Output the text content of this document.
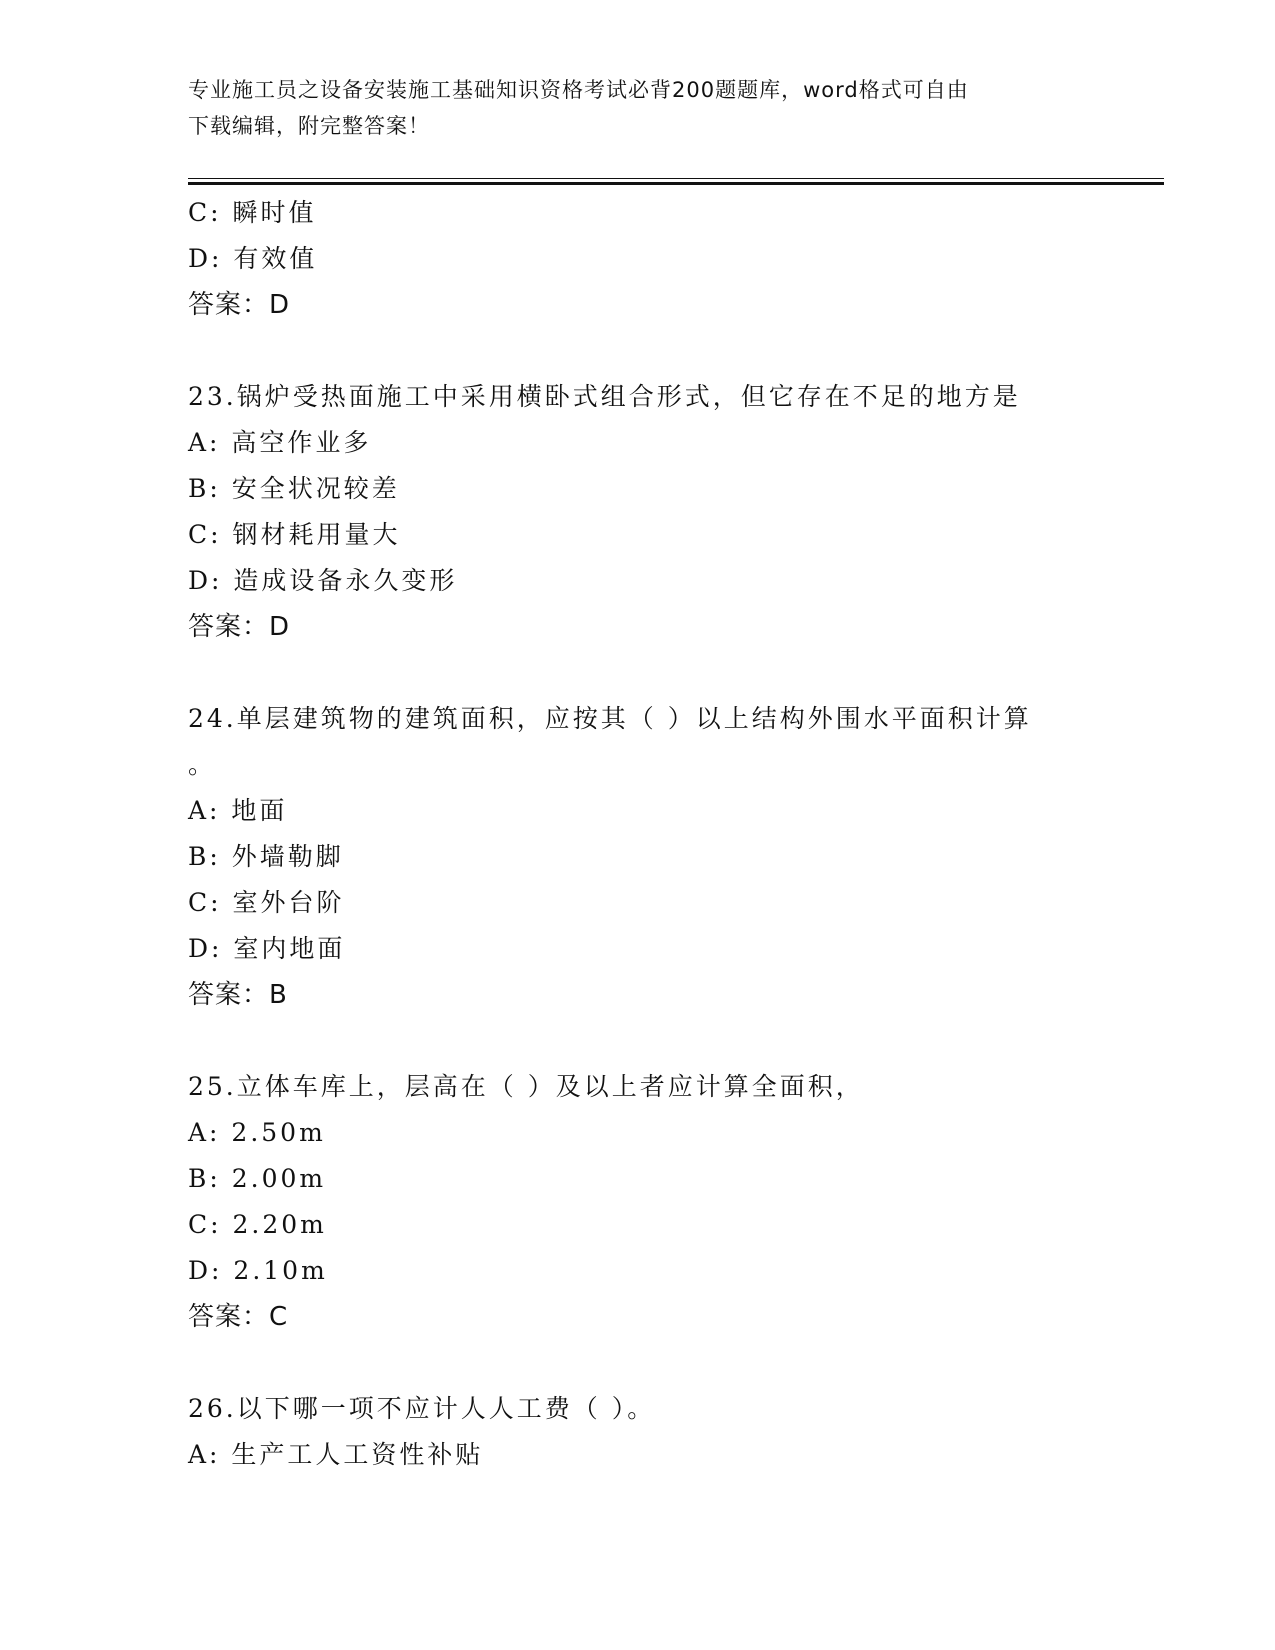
专业施工员之设备安装施工基础知识资格考试必背200题题库，word格式可自由
下载编辑，附完整答案！
C: 瞬时值
D: 有效值
答案：D
23.锅炉受热面施工中采用横卧式组合形式，但它存在不足的地方是
A: 高空作业多
B: 安全状况较差
C: 钢材耗用量大
D: 造成设备永久变形
答案：D
24.单层建筑物的建筑面积，应按其（ ）以上结构外围水平面积计算
。
A: 地面
B: 外墙勒脚
C: 室外台阶
D: 室内地面
答案：B
25.立体车库上，层高在（ ）及以上者应计算全面积，
A: 2.50m
B: 2.00m
C: 2.20m
D: 2.10m
答案：C
26.以下哪一项不应计人人工费（ ）。
A: 生产工人工资性补贴
